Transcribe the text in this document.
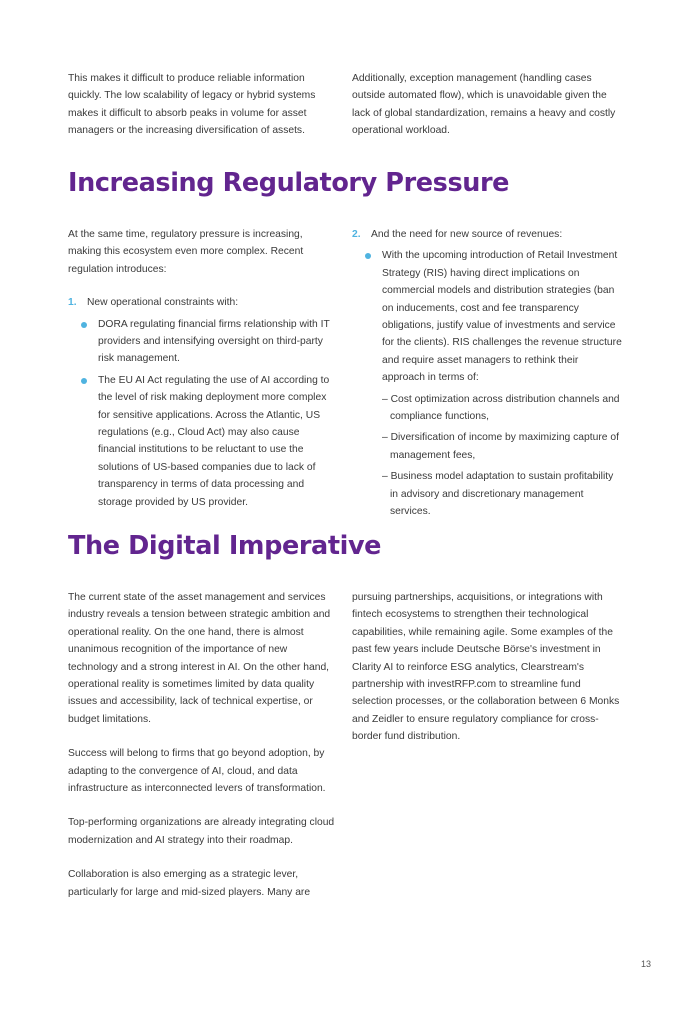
This makes it difficult to produce reliable information quickly. The low scalability of legacy or hybrid systems makes it difficult to absorb peaks in volume for asset managers or the increasing diversification of assets.

Additionally, exception management (handling cases outside automated flow), which is unavoidable given the lack of global standardization, remains a heavy and costly operational workload.

Increasing Regulatory Pressure

At the same time, regulatory pressure is increasing, making this ecosystem even more complex. Recent regulation introduces:

1. New operational constraints with:
DORA regulating financial firms relationship with IT providers and intensifying oversight on third-party risk management.
The EU AI Act regulating the use of AI according to the level of risk making deployment more complex for sensitive applications. Across the Atlantic, US regulations (e.g., Cloud Act) may also cause financial institutions to be reluctant to use the solutions of US-based companies due to lack of transparency in terms of data processing and storage provided by US provider.
2. And the need for new source of revenues:
With the upcoming introduction of Retail Investment Strategy (RIS) having direct implications on commercial models and distribution strategies (ban on inducements, cost and fee transparency obligations, justify value of investments and service for the clients). RIS challenges the revenue structure and require asset managers to rethink their approach in terms of:
– Cost optimization across distribution channels and compliance functions,
– Diversification of income by maximizing capture of management fees,
– Business model adaptation to sustain profitability in advisory and discretionary management services.
The Digital Imperative

The current state of the asset management and services industry reveals a tension between strategic ambition and operational reality. On the one hand, there is almost unanimous recognition of the importance of new technology and a strong interest in AI. On the other hand, operational reality is sometimes limited by data quality issues and accessibility, lack of technical expertise, or budget limitations.

Success will belong to firms that go beyond adoption, by adapting to the convergence of AI, cloud, and data infrastructure as interconnected levers of transformation.

Top-performing organizations are already integrating cloud modernization and AI strategy into their roadmap.

Collaboration is also emerging as a strategic lever, particularly for large and mid-sized players. Many are

pursuing partnerships, acquisitions, or integrations with fintech ecosystems to strengthen their technological capabilities, while remaining agile. Some examples of the past few years include Deutsche Börse's investment in Clarity AI to reinforce ESG analytics, Clearstream's partnership with investRFP.com to streamline fund selection processes, or the collaboration between 6 Monks and Zeidler to ensure regulatory compliance for cross-border fund distribution.

13
